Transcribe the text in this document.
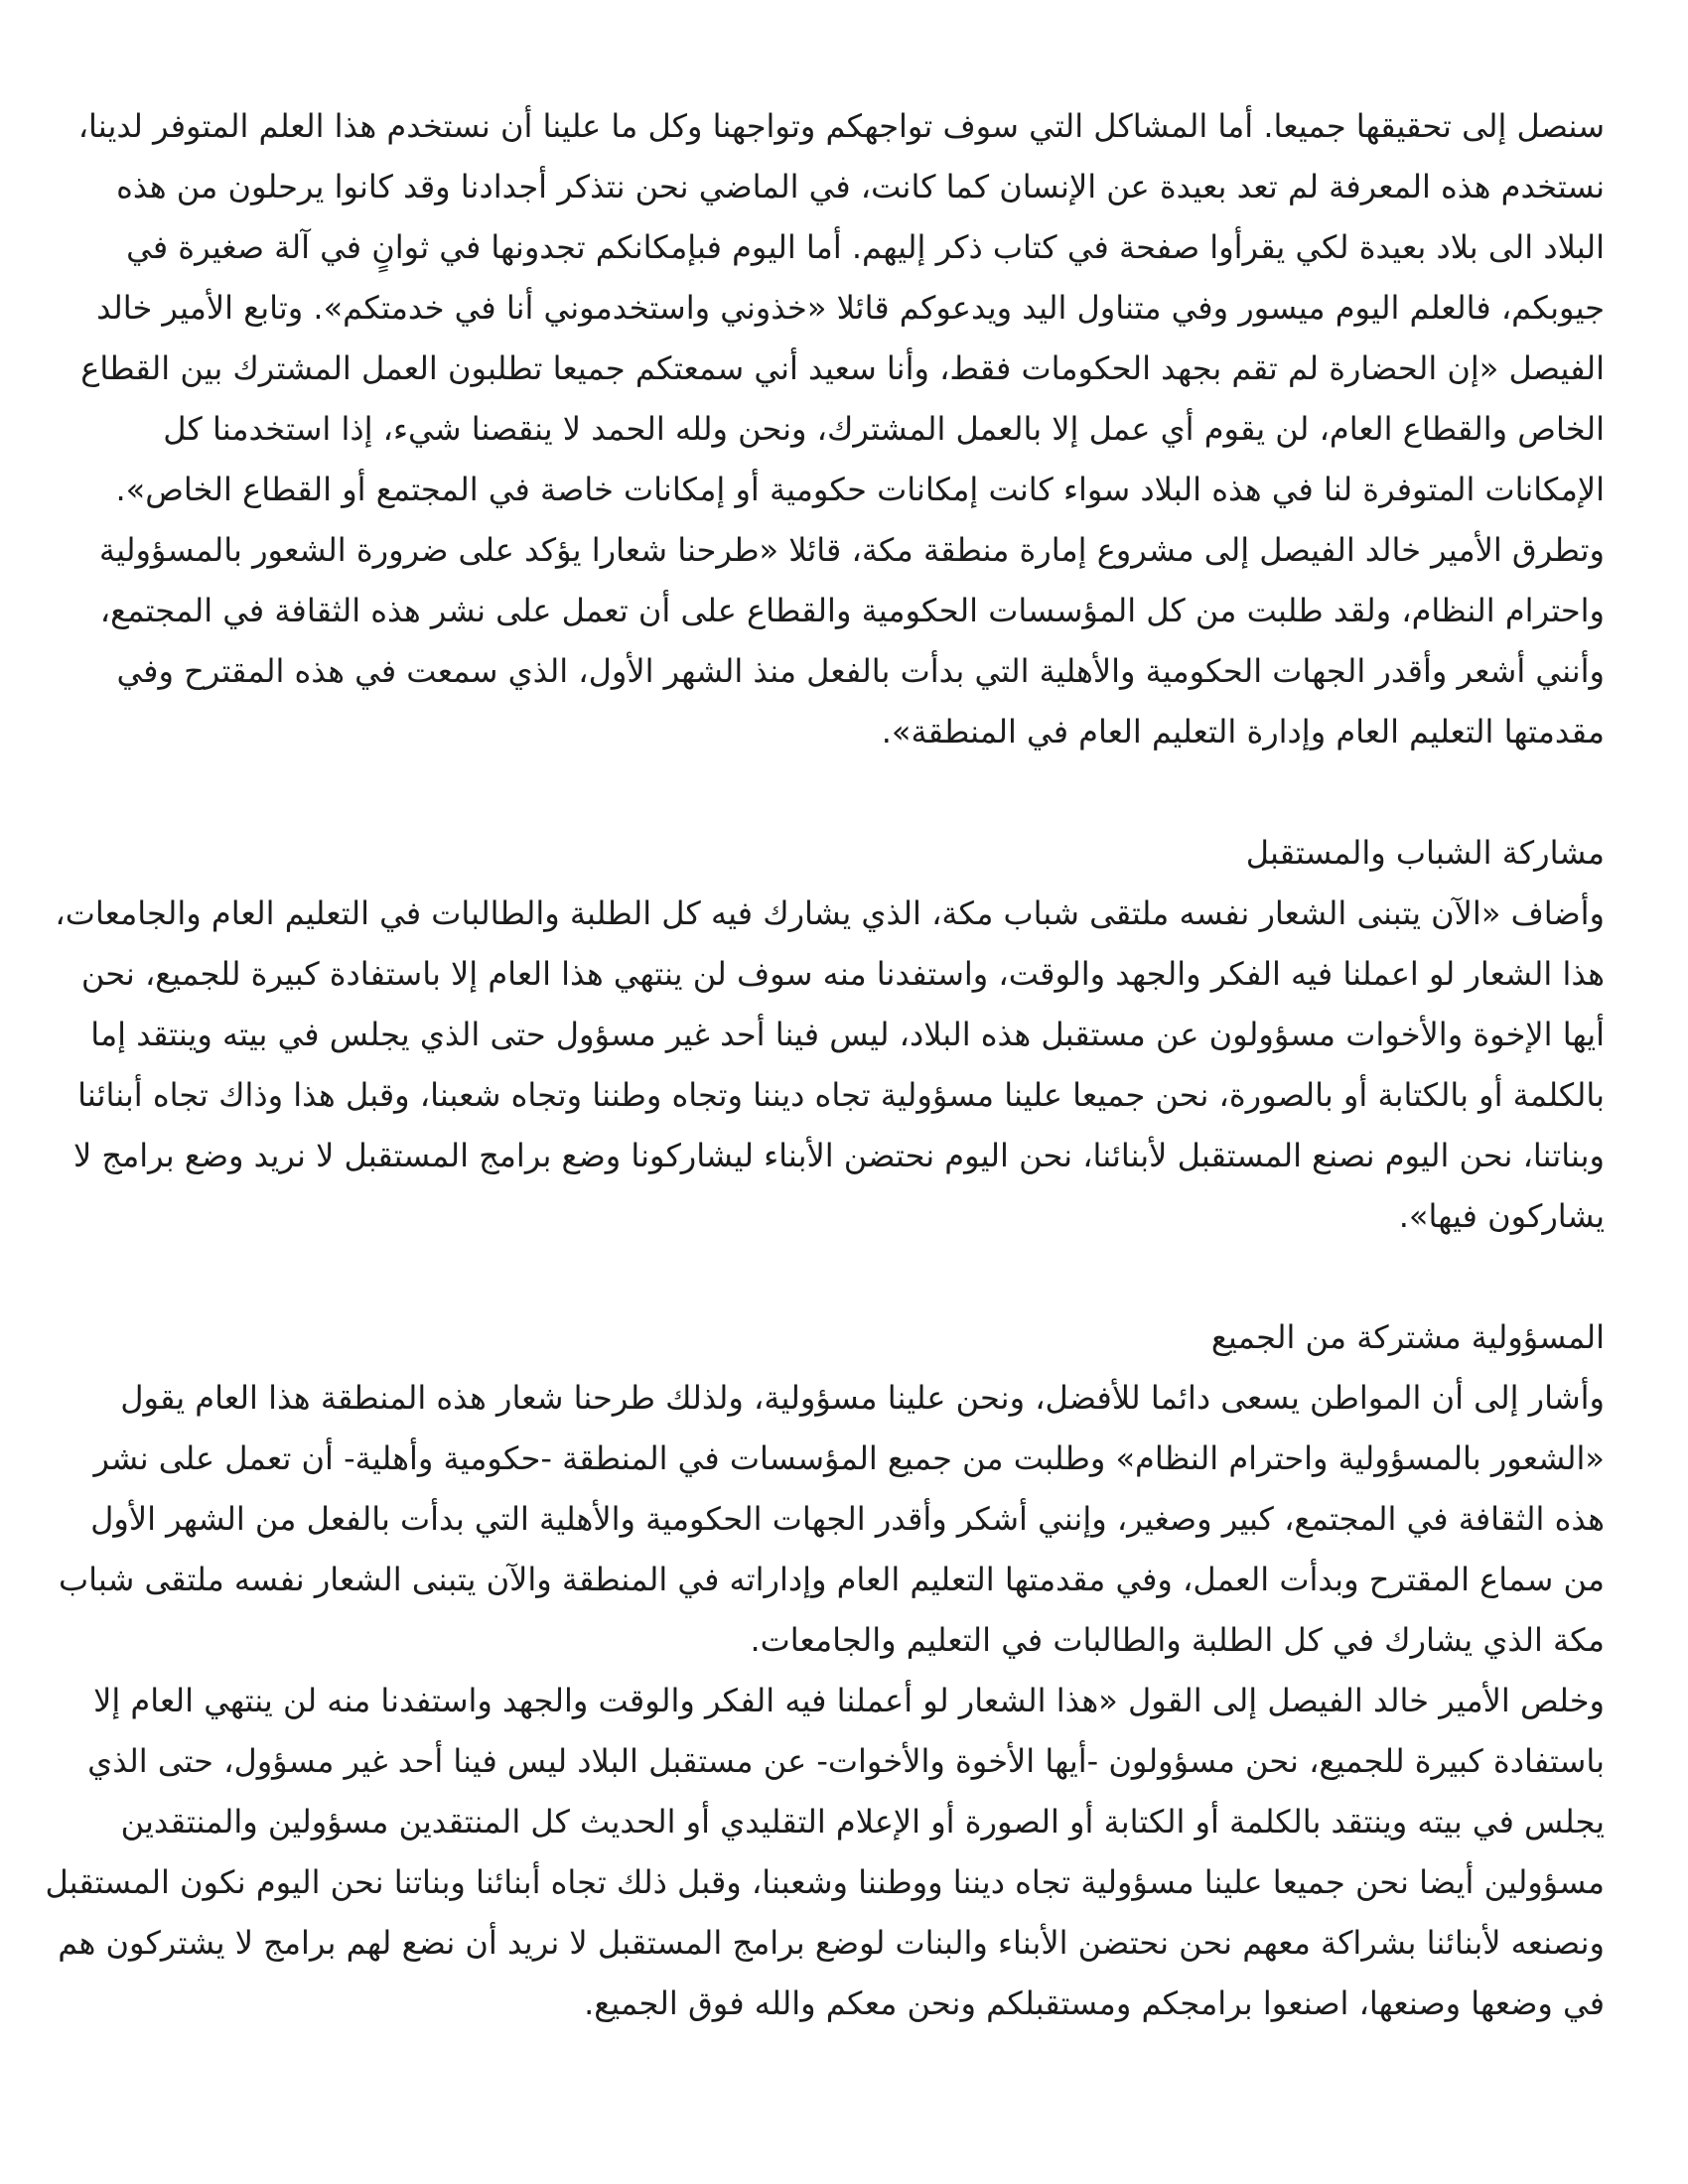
سنصل إلى تحقيقها جميعا. أما المشاكل التي سوف تواجهكم وتواجهنا وكل ما علينا أن نستخدم هذا العلم المتوفر لدينا،
نستخدم هذه المعرفة لم تعد بعيدة عن الإنسان كما كانت، في الماضي نحن نتذكر أجدادنا وقد كانوا يرحلون من هذه
البلاد الى بلاد بعيدة لكي يقرأوا صفحة في كتاب ذكر إليهم. أما اليوم فبإمكانكم تجدونها في ثوانٍ في آلة صغيرة في
جيوبكم، فالعلم اليوم ميسور وفي متناول اليد ويدعوكم قائلا «خذوني واستخدموني أنا في خدمتكم». وتابع الأمير خالد
الفيصل «إن الحضارة لم تقم بجهد الحكومات فقط، وأنا سعيد أني سمعتكم جميعا تطلبون العمل المشترك بين القطاع
الخاص والقطاع العام، لن يقوم أي عمل إلا بالعمل المشترك، ونحن ولله الحمد لا ينقصنا شيء، إذا استخدمنا كل
الإمكانات المتوفرة لنا في هذه البلاد سواء كانت إمكانات حكومية أو إمكانات خاصة في المجتمع أو القطاع الخاص».
وتطرق الأمير خالد الفيصل إلى مشروع إمارة منطقة مكة، قائلا «طرحنا شعارا يؤكد على ضرورة الشعور بالمسؤولية
واحترام النظام، ولقد طلبت من كل المؤسسات الحكومية والقطاع على أن تعمل على نشر هذه الثقافة في المجتمع،
وأنني أشعر وأقدر الجهات الحكومية والأهلية التي بدأت بالفعل منذ الشهر الأول، الذي سمعت في هذه المقترح وفي
مقدمتها التعليم العام وإدارة التعليم العام في المنطقة».
مشاركة الشباب والمستقبل
وأضاف «الآن يتبنى الشعار نفسه ملتقى شباب مكة، الذي يشارك فيه كل الطلبة والطالبات في التعليم العام والجامعات،
هذا الشعار لو اعملنا فيه الفكر والجهد والوقت، واستفدنا منه سوف لن ينتهي هذا العام إلا باستفادة كبيرة للجميع، نحن
أيها الإخوة والأخوات مسؤولون عن مستقبل هذه البلاد، ليس فينا أحد غير مسؤول حتى الذي يجلس في بيته وينتقد إما
بالكلمة أو بالكتابة أو بالصورة، نحن جميعا علينا مسؤولية تجاه ديننا وتجاه وطننا وتجاه شعبنا، وقبل هذا وذاك تجاه أبنائنا
وبناتنا، نحن اليوم نصنع المستقبل لأبنائنا، نحن اليوم نحتضن الأبناء ليشاركونا وضع برامج المستقبل لا نريد وضع برامج لا
يشاركون فيها».
المسؤولية مشتركة من الجميع
وأشار إلى أن المواطن يسعى دائما للأفضل، ونحن علينا مسؤولية، ولذلك طرحنا شعار هذه المنطقة هذا العام يقول
«الشعور بالمسؤولية واحترام النظام» وطلبت من جميع المؤسسات في المنطقة -حكومية وأهلية- أن تعمل على نشر
هذه الثقافة في المجتمع، كبير وصغير، وإنني أشكر وأقدر الجهات الحكومية والأهلية التي بدأت بالفعل من الشهر الأول
من سماع المقترح وبدأت العمل، وفي مقدمتها التعليم العام وإداراته في المنطقة والآن يتبنى الشعار نفسه ملتقى شباب
مكة الذي يشارك في كل الطلبة والطالبات في التعليم والجامعات.
وخلص الأمير خالد الفيصل إلى القول «هذا الشعار لو أعملنا فيه الفكر والوقت والجهد واستفدنا منه لن ينتهي العام إلا
باستفادة كبيرة للجميع، نحن مسؤولون -أيها الأخوة والأخوات- عن مستقبل البلاد ليس فينا أحد غير مسؤول، حتى الذي
يجلس في بيته وينتقد بالكلمة أو الكتابة أو الصورة أو الإعلام التقليدي أو الحديث كل المنتقدين مسؤولين والمنتقدين
مسؤولين أيضا نحن جميعا علينا مسؤولية تجاه ديننا ووطننا وشعبنا، وقبل ذلك تجاه أبنائنا وبناتنا نحن اليوم نكون المستقبل
ونصنعه لأبنائنا بشراكة معهم نحن نحتضن الأبناء والبنات لوضع برامج المستقبل لا نريد أن نضع لهم برامج لا يشتركون هم
في وضعها وصنعها، اصنعوا برامجكم ومستقبلكم ونحن معكم والله فوق الجميع.
